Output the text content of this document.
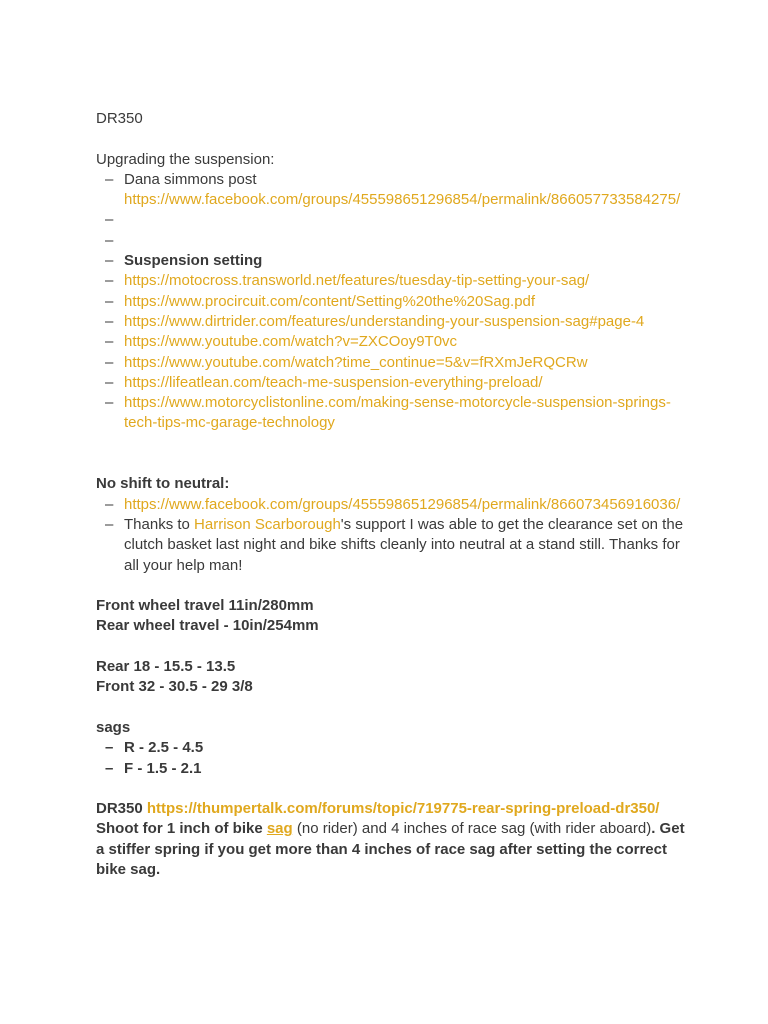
DR350

Upgrading the suspension:

– Dana simmons post https://www.facebook.com/groups/455598651296854/permalink/866057733584275/
–
–
– Suspension setting
– https://motocross.transworld.net/features/tuesday-tip-setting-your-sag/
– https://www.procircuit.com/content/Setting%20the%20Sag.pdf
– https://www.dirtrider.com/features/understanding-your-suspension-sag#page-4
– https://www.youtube.com/watch?v=ZXCOoy9T0vc
– https://www.youtube.com/watch?time_continue=5&v=fRXmJeRQCRw
– https://lifeatlean.com/teach-me-suspension-everything-preload/
– https://www.motorcyclistonline.com/making-sense-motorcycle-suspension-springs-tech-tips-mc-garage-technology

No shift to neutral:

– https://www.facebook.com/groups/455598651296854/permalink/866073456916036/
– Thanks to Harrison Scarborough's support I was able to get the clearance set on the clutch basket last night and bike shifts cleanly into neutral at a stand still. Thanks for all your help man!

Front wheel travel 11in/280mm

Rear wheel travel - 10in/254mm

Rear 18 - 15.5 - 13.5

Front 32 - 30.5 - 29 3/8

sags

– R - 2.5 - 4.5
– F - 1.5 - 2.1

DR350 https://thumpertalk.com/forums/topic/719775-rear-spring-preload-dr350/

Shoot for 1 inch of bike sag (no rider) and 4 inches of race sag (with rider aboard). Get a stiffer spring if you get more than 4 inches of race sag after setting the correct bike sag.
